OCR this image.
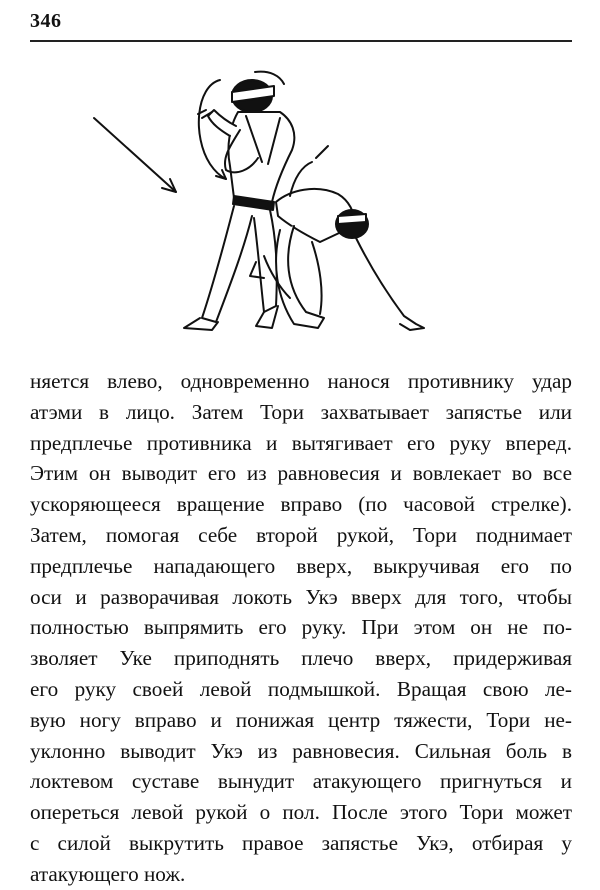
346
няется влево, одновременно нанося противнику удар
атэми в лицо. Затем Тори захватывает запястье или
предплечье противника и вытягивает его руку вперед.
Этим он выводит его из равновесия и вовлекает во все
ускоряющееся вращение вправо (по часовой стрелке).
Затем, помогая себе второй рукой, Тори поднимает
предплечье нападающего вверх, выкручивая его по
оси и разворачивая локоть Укэ вверх для того, чтобы
полностью выпрямить его руку. При этом он не по-
зволяет Уке приподнять плечо вверх, придерживая
его руку своей левой подмышкой. Вращая свою ле-
вую ногу вправо и понижая центр тяжести, Тори не-
уклонно выводит Укэ из равновесия. Сильная боль в
локтевом суставе вынудит атакующего пригнуться и
опереться левой рукой о пол. После этого Тори может
с силой выкрутить правое запястье Укэ, отбирая у
атакующего нож.
